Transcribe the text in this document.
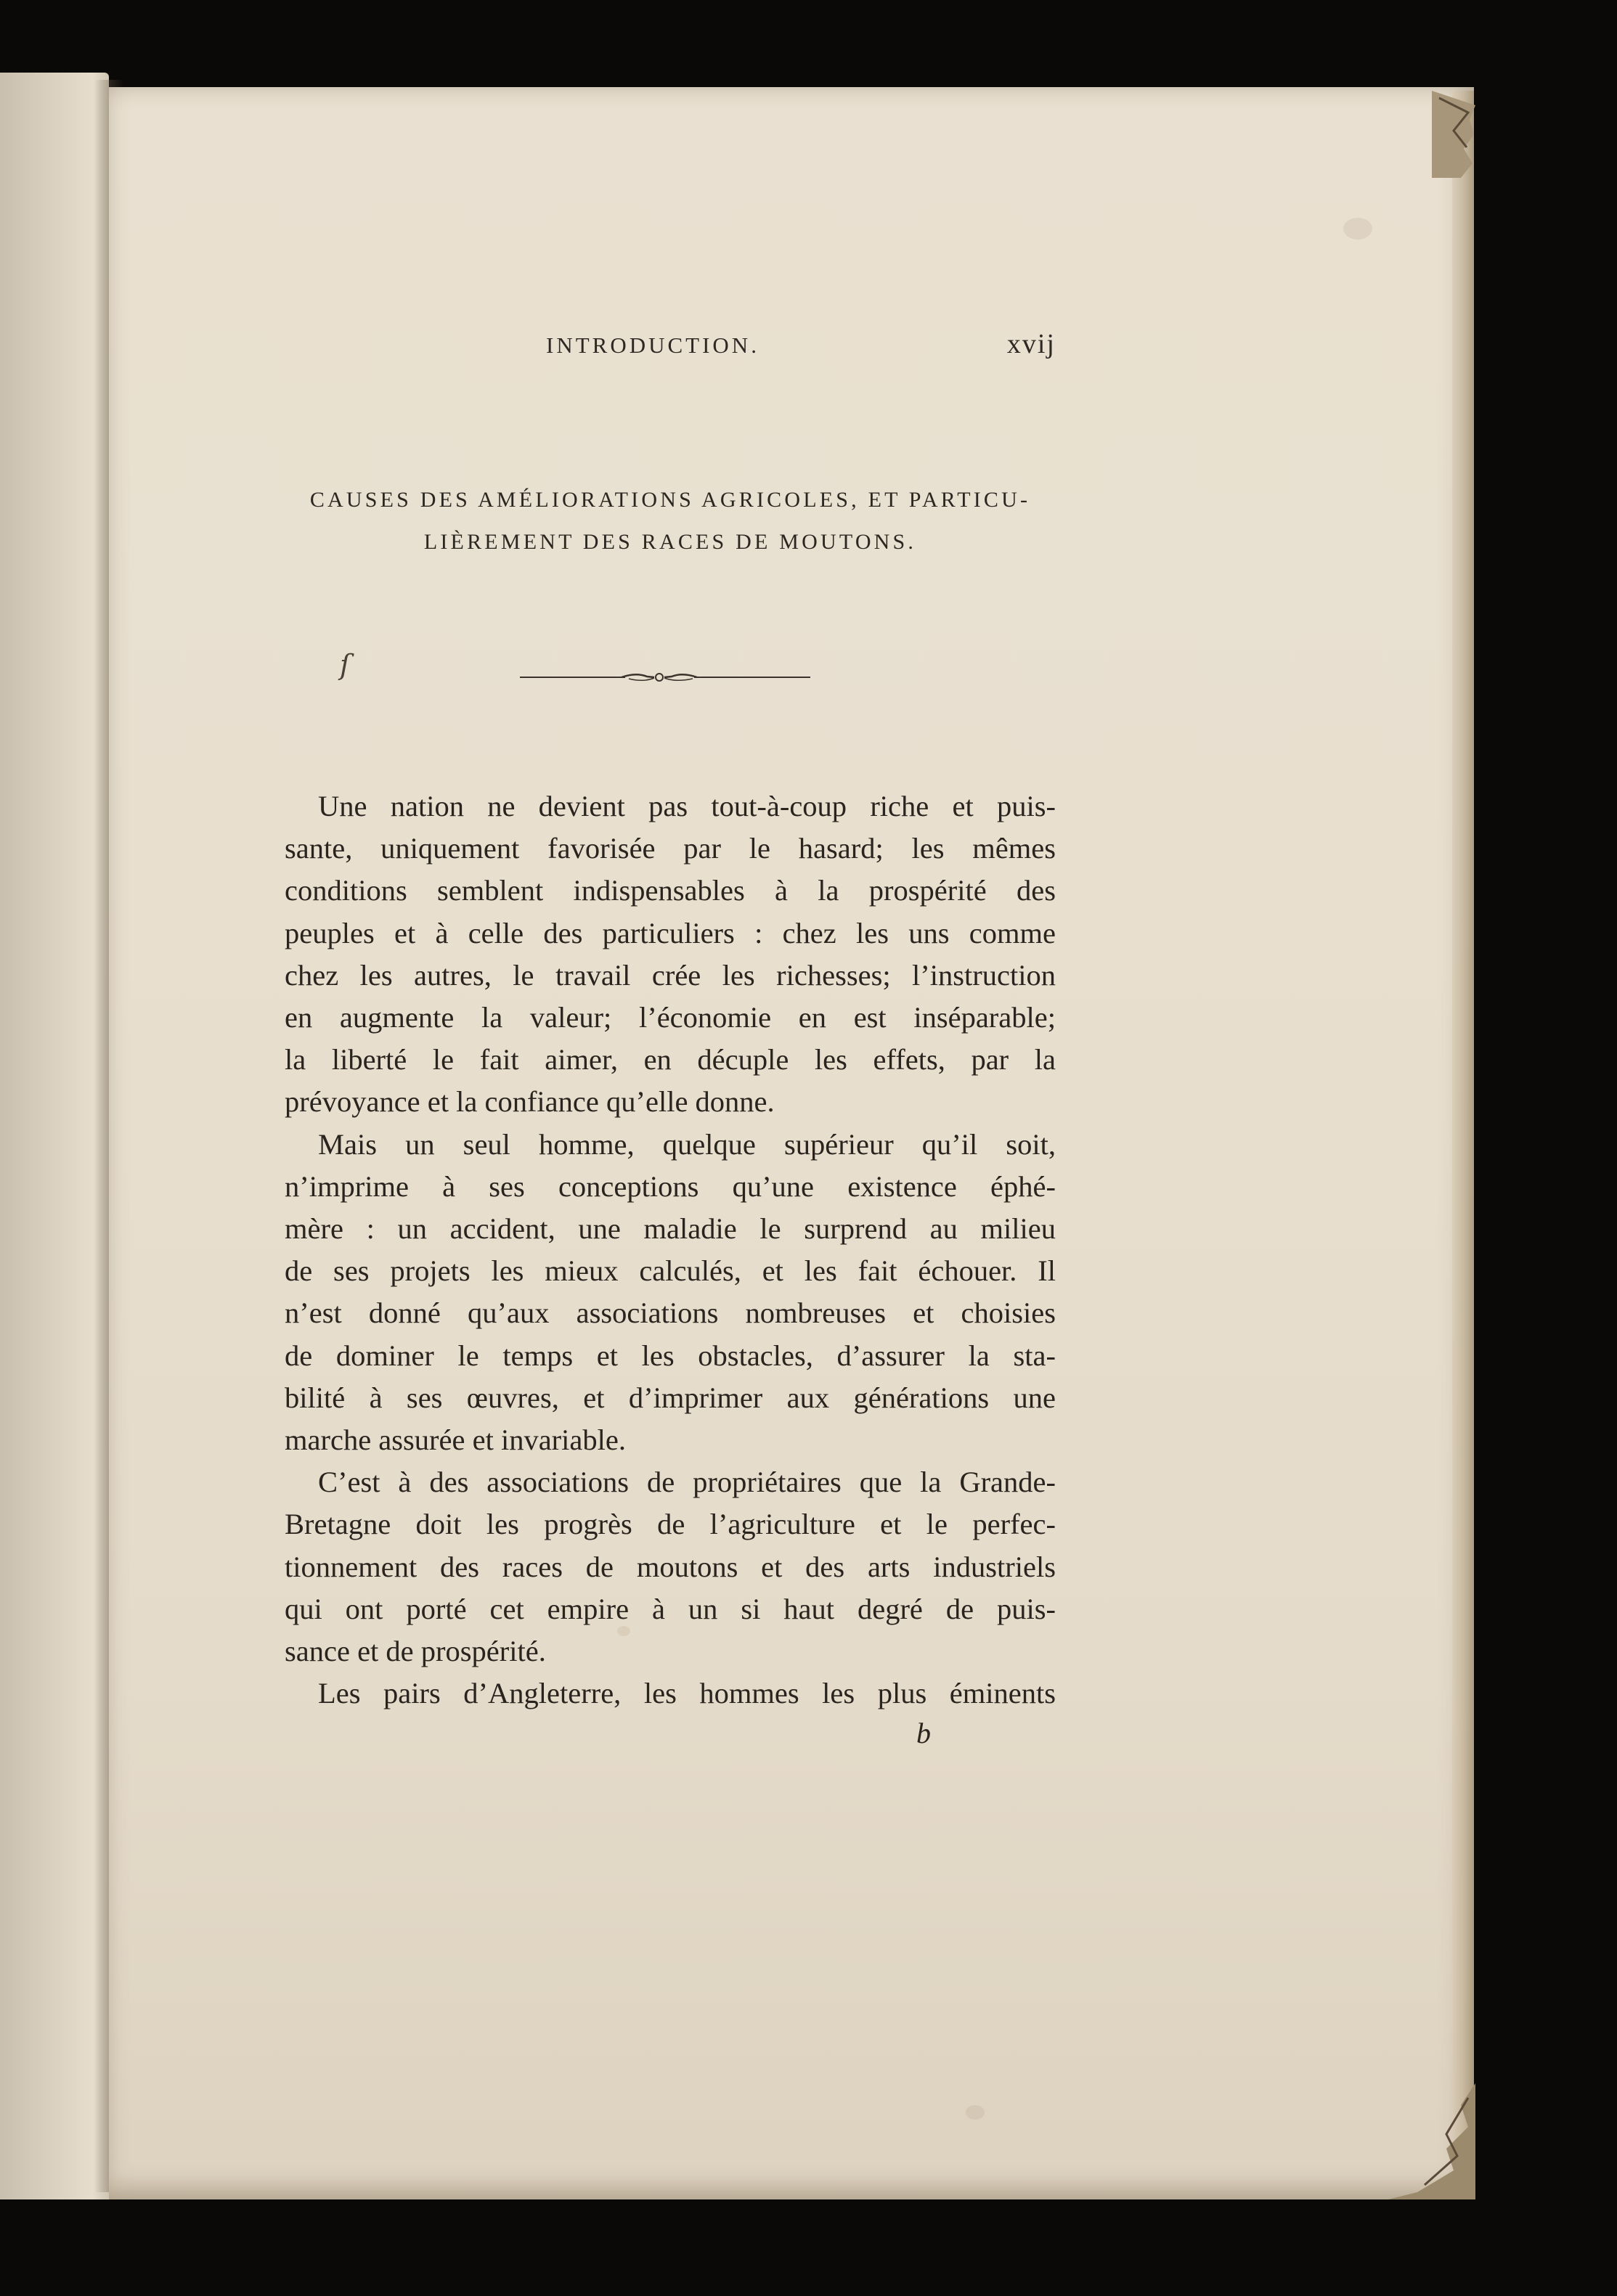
INTRODUCTION.	xvij
CAUSES DES AMÉLIORATIONS AGRICOLES, ET PARTICU-
LIÈREMENT DES RACES DE MOUTONS.
ſ

Une nation ne devient pas tout-à-coup riche et puis-
sante, uniquement favorisée par le hasard; les mêmes
conditions semblent indispensables à la prospérité des
peuples et à celle des particuliers : chez les uns comme
chez les autres, le travail crée les richesses; l’instruction
en augmente la valeur; l’économie en est inséparable;
la liberté le fait aimer, en décuple les effets, par la
prévoyance et la confiance qu’elle donne.

Mais un seul homme, quelque supérieur qu’il soit,
n’imprime à ses conceptions qu’une existence éphé-
mère : un accident, une maladie le surprend au milieu
de ses projets les mieux calculés, et les fait échouer. Il
n’est donné qu’aux associations nombreuses et choisies
de dominer le temps et les obstacles, d’assurer la sta-
bilité à ses œuvres, et d’imprimer aux générations une
marche assurée et invariable.

C’est à des associations de propriétaires que la Grande-
Bretagne doit les progrès de l’agriculture et le perfec-
tionnement des races de moutons et des arts industriels
qui ont porté cet empire à un si haut degré de puis-
sance et de prospérité.

Les pairs d’Angleterre, les hommes les plus éminents

b
